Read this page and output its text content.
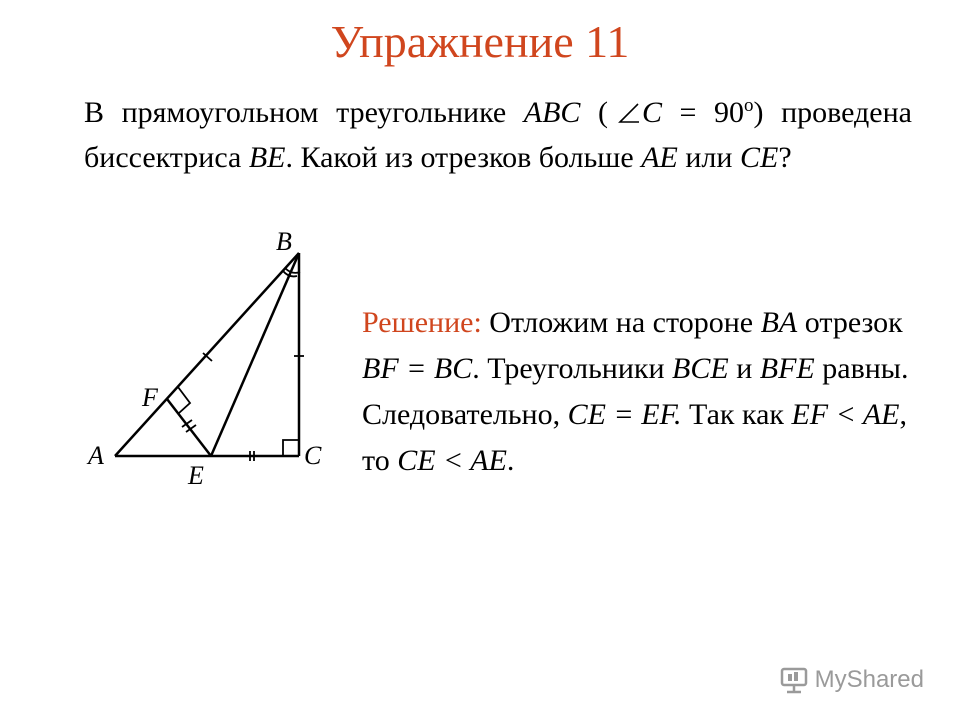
Упражнение 11
В прямоугольном треугольнике ABC ( $C = 90^o$) проведена биссектриса BE. Какой из отрезков больше AE или CE?
B
F
A
E
C
Решение: Отложим на стороне BA отрезок BF = BC. Треугольники BCE и BFE равны. Следовательно, CE = EF. Так как EF < AE, то CE < AE.
MyShared
